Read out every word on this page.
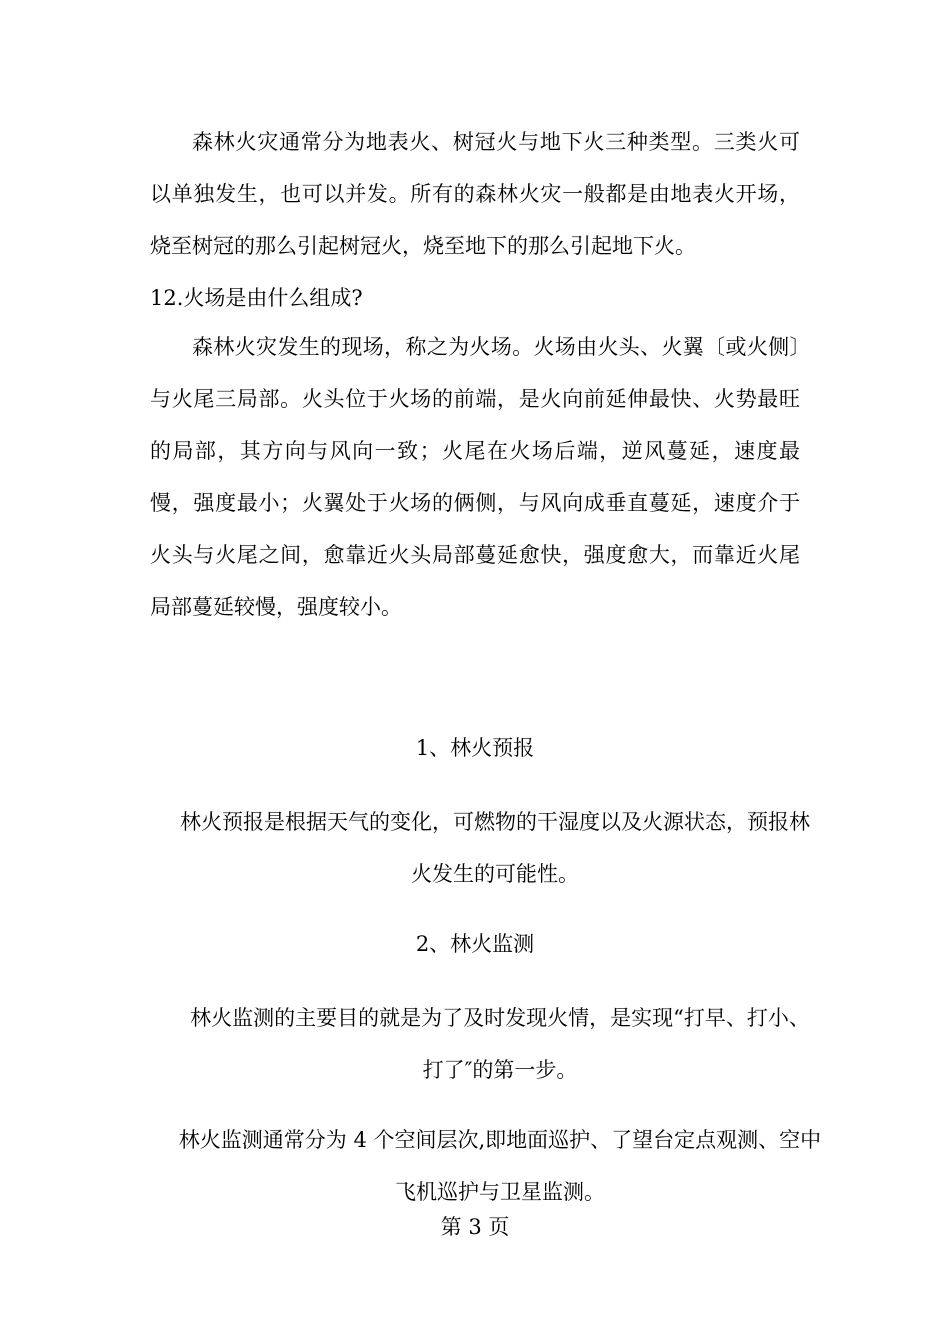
森林火灾通常分为地表火、树冠火与地下火三种类型。三类火可以单独发生，也可以并发。所有的森林火灾一般都是由地表火开场，烧至树冠的那么引起树冠火，烧至地下的那么引起地下火。

12.火场是由什么组成?

森林火灾发生的现场，称之为火场。火场由火头、火翼〔或火侧〕与火尾三局部。火头位于火场的前端，是火向前延伸最快、火势最旺的局部，其方向与风向一致；火尾在火场后端，逆风蔓延，速度最慢，强度最小；火翼处于火场的俩侧，与风向成垂直蔓延，速度介于火头与火尾之间，愈靠近火头局部蔓延愈快，强度愈大，而靠近火尾局部蔓延较慢，强度较小。

1、林火预报

林火预报是根据天气的变化，可燃物的干湿度以及火源状态，预报林火发生的可能性。

2、林火监测

林火监测的主要目的就是为了及时发现火情，是实现“打早、打小、打了″的第一步。

林火监测通常分为 4 个空间层次,即地面巡护、了望台定点观测、空中飞机巡护与卫星监测。

第 3 页
